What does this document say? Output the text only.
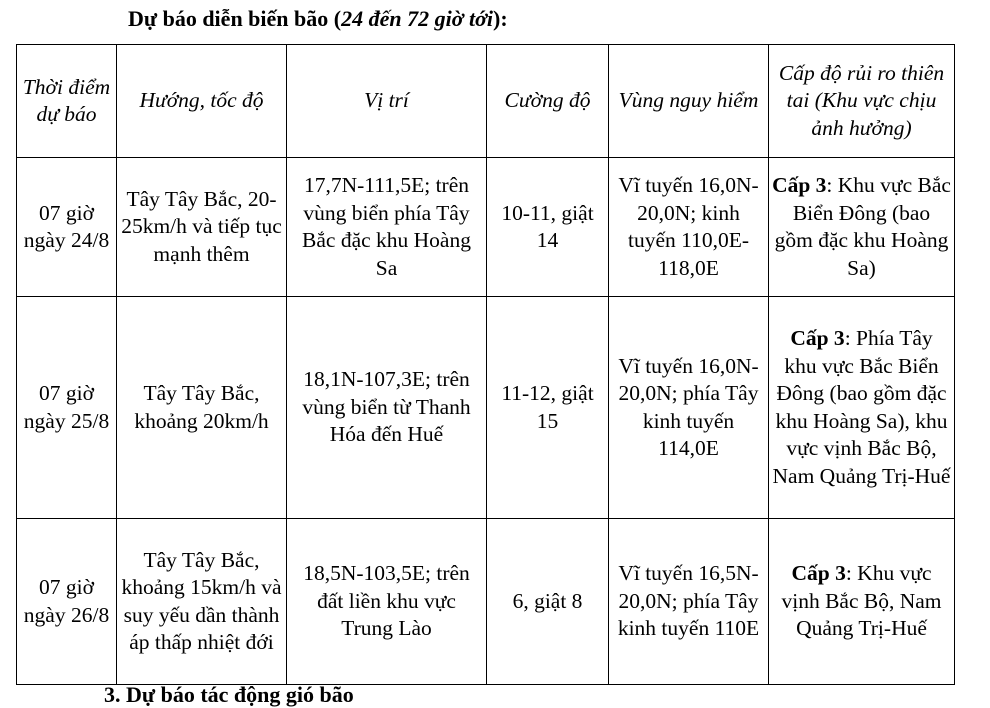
Dự báo diễn biến bão (24 đến 72 giờ tới):
Thời điểm dự báo	Hướng, tốc độ	Vị trí	Cường độ	Vùng nguy hiểm	Cấp độ rủi ro thiên tai (Khu vực chịu ảnh hưởng)
07 giờ ngày 24/8	Tây Tây Bắc, 20-25km/h và tiếp tục mạnh thêm	17,7N-111,5E; trên vùng biển phía Tây Bắc đặc khu Hoàng Sa	10-11, giật 14	Vĩ tuyến 16,0N-20,0N; kinh tuyến 110,0E-118,0E	Cấp 3: Khu vực Bắc Biển Đông (bao gồm đặc khu Hoàng Sa)
07 giờ ngày 25/8	Tây Tây Bắc, khoảng 20km/h	18,1N-107,3E; trên vùng biển từ Thanh Hóa đến Huế	11-12, giật 15	Vĩ tuyến 16,0N-20,0N; phía Tây kinh tuyến 114,0E	Cấp 3: Phía Tây khu vực Bắc Biển Đông (bao gồm đặc khu Hoàng Sa), khu vực vịnh Bắc Bộ, Nam Quảng Trị-Huế
07 giờ ngày 26/8	Tây Tây Bắc, khoảng 15km/h và suy yếu dần thành áp thấp nhiệt đới	18,5N-103,5E; trên đất liền khu vực Trung Lào	6, giật 8	Vĩ tuyến 16,5N-20,0N; phía Tây kinh tuyến 110E	Cấp 3: Khu vực vịnh Bắc Bộ, Nam Quảng Trị-Huế
3. Dự báo tác động gió bão
